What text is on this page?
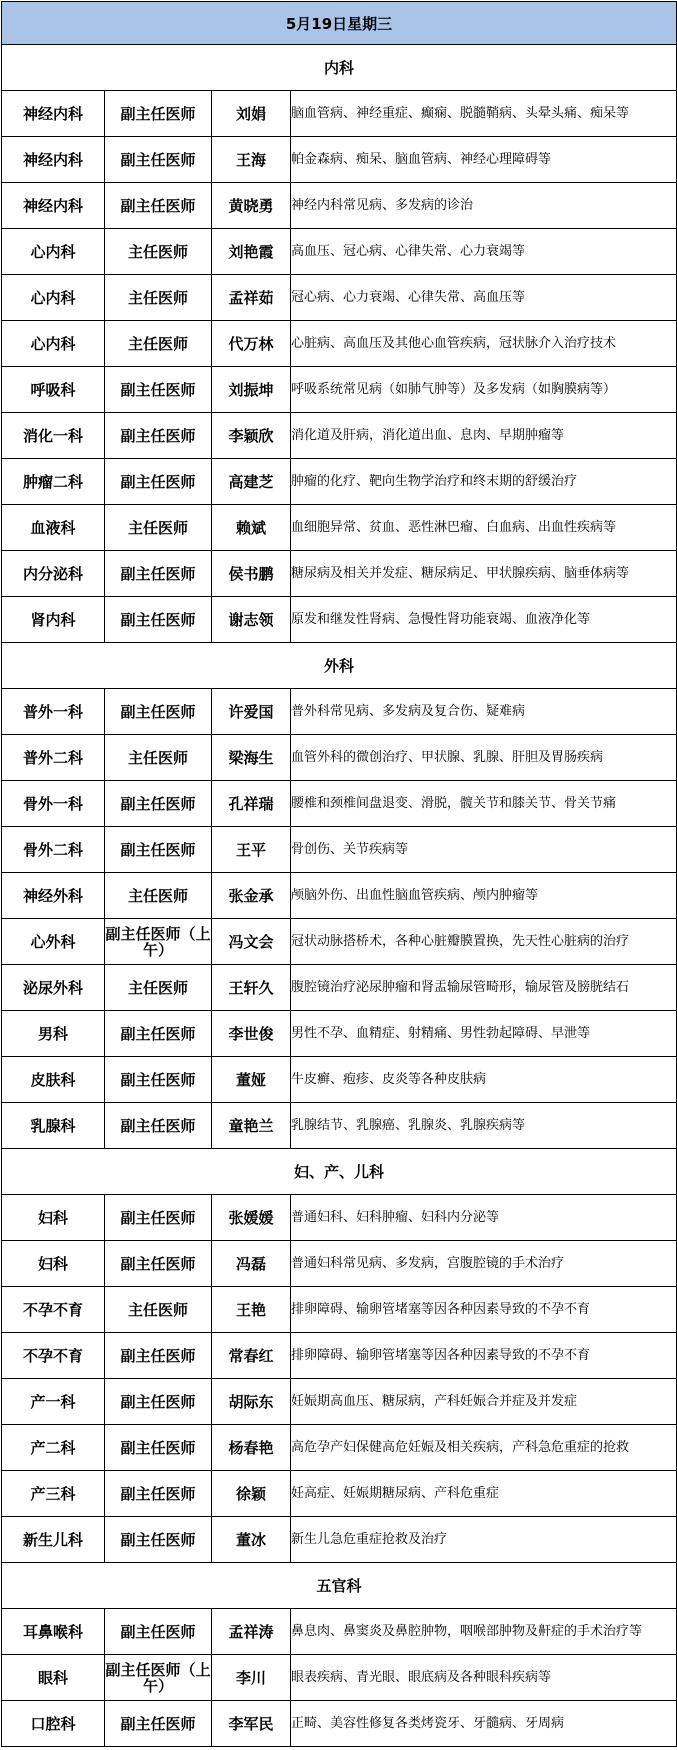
5月19日星期三			
内科			
神经内科	副主任医师	刘娟	脑血管病、神经重症、癫痫、脱髓鞘病、头晕头痛、痴呆等
神经内科	副主任医师	王海	帕金森病、痴呆、脑血管病、神经心理障碍等
神经内科	副主任医师	黄晓勇	神经内科常见病、多发病的诊治
心内科	主任医师	刘艳霞	高血压、冠心病、心律失常、心力衰竭等
心内科	主任医师	孟祥茹	冠心病、心力衰竭、心律失常、高血压等
心内科	主任医师	代万林	心脏病、高血压及其他心血管疾病，冠状脉介入治疗技术
呼吸科	副主任医师	刘振坤	呼吸系统常见病（如肺气肿等）及多发病（如胸膜病等）
消化一科	副主任医师	李颖欣	消化道及肝病，消化道出血、息肉、早期肿瘤等
肿瘤二科	副主任医师	高建芝	肿瘤的化疗、靶向生物学治疗和终末期的舒缓治疗
血液科	主任医师	赖斌	血细胞异常、贫血、恶性淋巴瘤、白血病、出血性疾病等
内分泌科	副主任医师	侯书鹏	糖尿病及相关并发症、糖尿病足、甲状腺疾病、脑垂体病等
肾内科	副主任医师	谢志领	原发和继发性肾病、急慢性肾功能衰竭、血液净化等
外科			
普外一科	副主任医师	许爱国	普外科常见病、多发病及复合伤、疑难病
普外二科	主任医师	梁海生	血管外科的微创治疗、甲状腺、乳腺、肝胆及胃肠疾病
骨外一科	副主任医师	孔祥瑞	腰椎和颈椎间盘退变、滑脱，髋关节和膝关节、骨关节痛
骨外二科	副主任医师	王平	骨创伤、关节疾病等
神经外科	主任医师	张金承	颅脑外伤、出血性脑血管疾病、颅内肿瘤等
心外科	副主任医师（上午）	冯文会	冠状动脉搭桥术，各种心脏瓣膜置换，先天性心脏病的治疗
泌尿外科	主任医师	王轩久	腹腔镜治疗泌尿肿瘤和肾盂输尿管畸形，输尿管及膀胱结石
男科	副主任医师	李世俊	男性不孕、血精症、射精痛、男性勃起障碍、早泄等
皮肤科	副主任医师	董娅	牛皮癣、疱疹、皮炎等各种皮肤病
乳腺科	副主任医师	童艳兰	乳腺结节、乳腺癌、乳腺炎、乳腺疾病等
妇、产、儿科			
妇科	副主任医师	张媛媛	普通妇科、妇科肿瘤、妇科内分泌等
妇科	副主任医师	冯磊	普通妇科常见病、多发病，宫腹腔镜的手术治疗
不孕不育	主任医师	王艳	排卵障碍、输卵管堵塞等因各种因素导致的不孕不育
不孕不育	副主任医师	常春红	排卵障碍、输卵管堵塞等因各种因素导致的不孕不育
产一科	副主任医师	胡际东	妊娠期高血压、糖尿病，产科妊娠合并症及并发症
产二科	副主任医师	杨春艳	高危孕产妇保健高危妊娠及相关疾病，产科急危重症的抢救
产三科	副主任医师	徐颖	妊高症、妊娠期糖尿病、产科危重症
新生儿科	副主任医师	董冰	新生儿急危重症抢救及治疗
五官科			
耳鼻喉科	副主任医师	孟祥涛	鼻息肉、鼻窦炎及鼻腔肿物，咽喉部肿物及鼾症的手术治疗等
眼科	副主任医师（上午）	李川	眼表疾病、青光眼、眼底病及各种眼科疾病等
口腔科	副主任医师	李军民	正畸、美容性修复各类烤瓷牙、牙髓病、牙周病
